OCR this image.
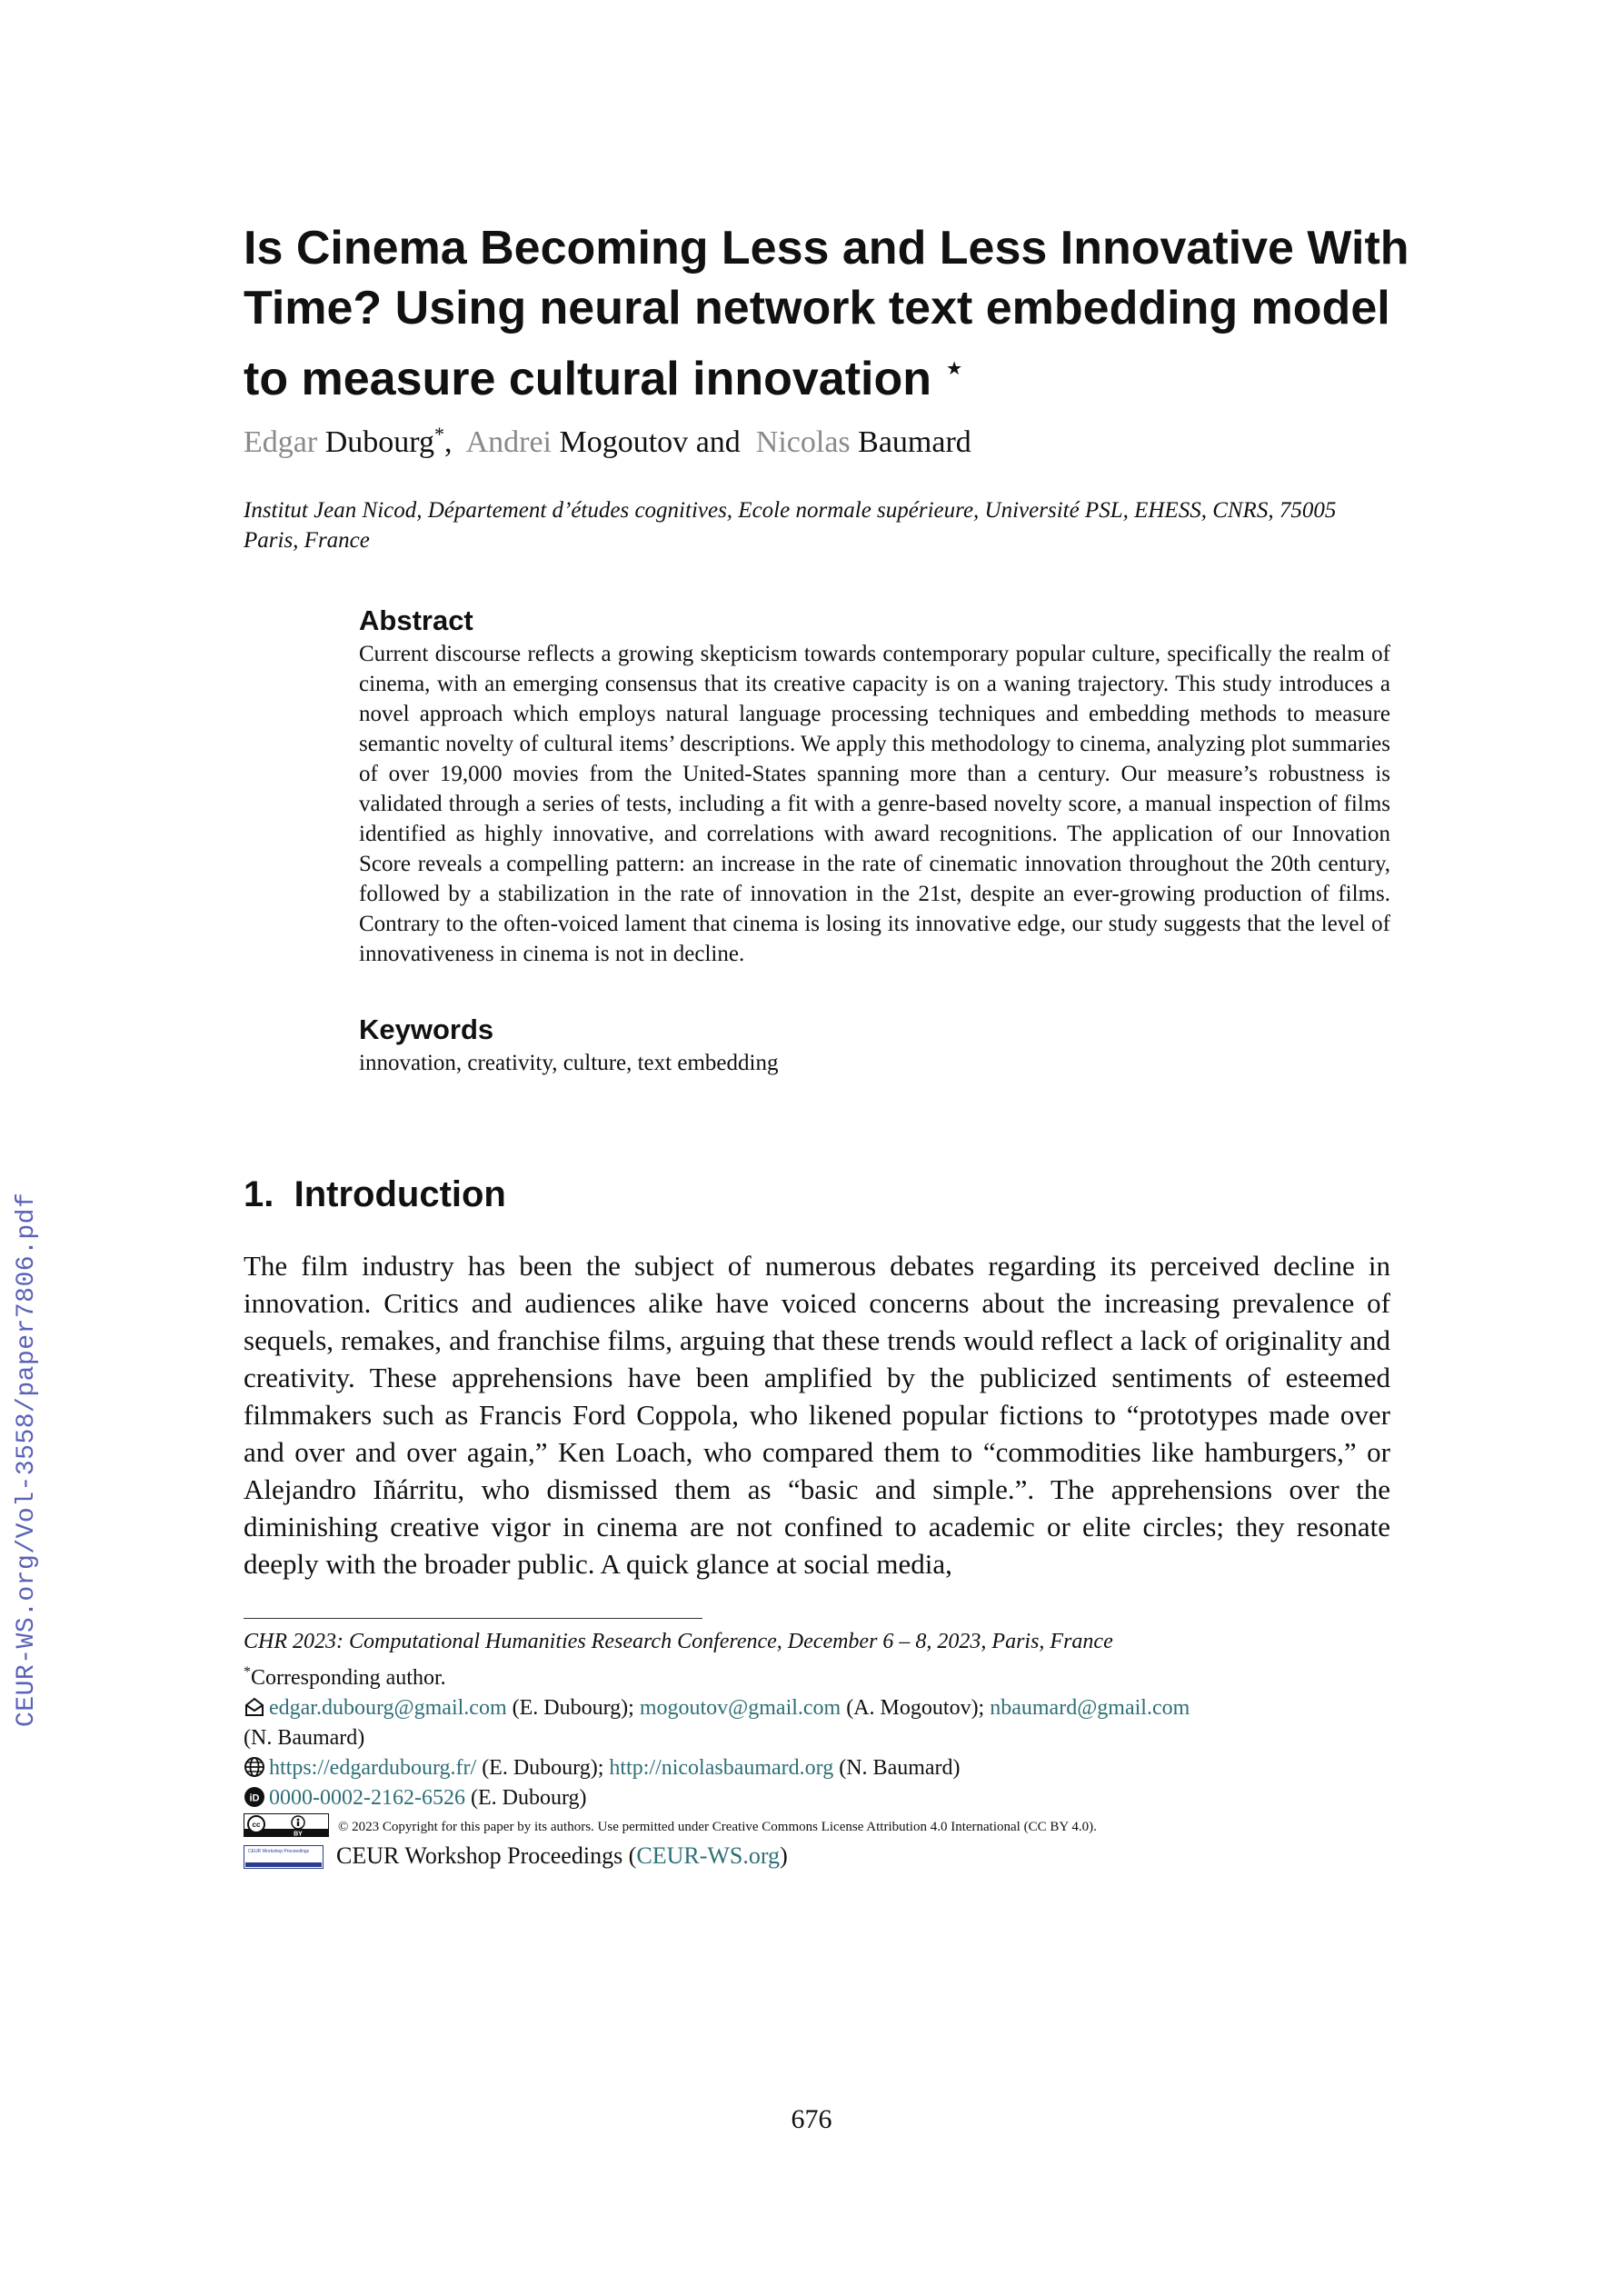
CEUR-WS.org/Vol-3558/paper7806.pdf
Is Cinema Becoming Less and Less Innovative With Time? Using neural network text embedding model to measure cultural innovation ⋆
Edgar Dubourg*,  Andrei Mogoutov and  Nicolas Baumard
Institut Jean Nicod, Département d’études cognitives, Ecole normale supérieure, Université PSL, EHESS, CNRS, 75005 Paris, France
Abstract

Current discourse reflects a growing skepticism towards contemporary popular culture, specifically the realm of cinema, with an emerging consensus that its creative capacity is on a waning trajectory. This study introduces a novel approach which employs natural language processing techniques and embedding methods to measure semantic novelty of cultural items’ descriptions. We apply this methodology to cinema, analyzing plot summaries of over 19,000 movies from the United-States spanning more than a century. Our measure’s robustness is validated through a series of tests, including a fit with a genre-based novelty score, a manual inspection of films identified as highly innovative, and correlations with award recognitions. The application of our Innovation Score reveals a compelling pattern: an increase in the rate of cinematic innovation throughout the 20th century, followed by a stabilization in the rate of innovation in the 21st, despite an ever-growing production of films. Contrary to the often-voiced lament that cinema is losing its innovative edge, our study suggests that the level of innovativeness in cinema is not in decline.

Keywords

innovation, creativity, culture, text embedding

1.  Introduction

The film industry has been the subject of numerous debates regarding its perceived decline in innovation. Critics and audiences alike have voiced concerns about the increasing prevalence of sequels, remakes, and franchise films, arguing that these trends would reflect a lack of originality and creativity. These apprehensions have been amplified by the publicized sentiments of esteemed filmmakers such as Francis Ford Coppola, who likened popular fictions to “prototypes made over and over and over again,” Ken Loach, who compared them to “commodities like hamburgers,” or Alejandro Iñárritu, who dismissed them as “basic and simple.”. The apprehensions over the diminishing creative vigor in cinema are not confined to academic or elite circles; they resonate deeply with the broader public. A quick glance at social media,

CHR 2023: Computational Humanities Research Conference, December 6 – 8, 2023, Paris, France
*Corresponding author.
edgar.dubourg@gmail.com (E. Dubourg); mogoutov@gmail.com (A. Mogoutov); nbaumard@gmail.com
(N. Baumard)
https://edgardubourg.fr/ (E. Dubourg); http://nicolasbaumard.org (N. Baumard)
iD 0000-0002-2162-6526 (E. Dubourg)
cc
BY	© 2023 Copyright for this paper by its authors. Use permitted under Creative Commons License Attribution 4.0 International (CC BY 4.0).
CEUR Workshop Proceedings CEUR Workshop Proceedings (CEUR-WS.org)
676
